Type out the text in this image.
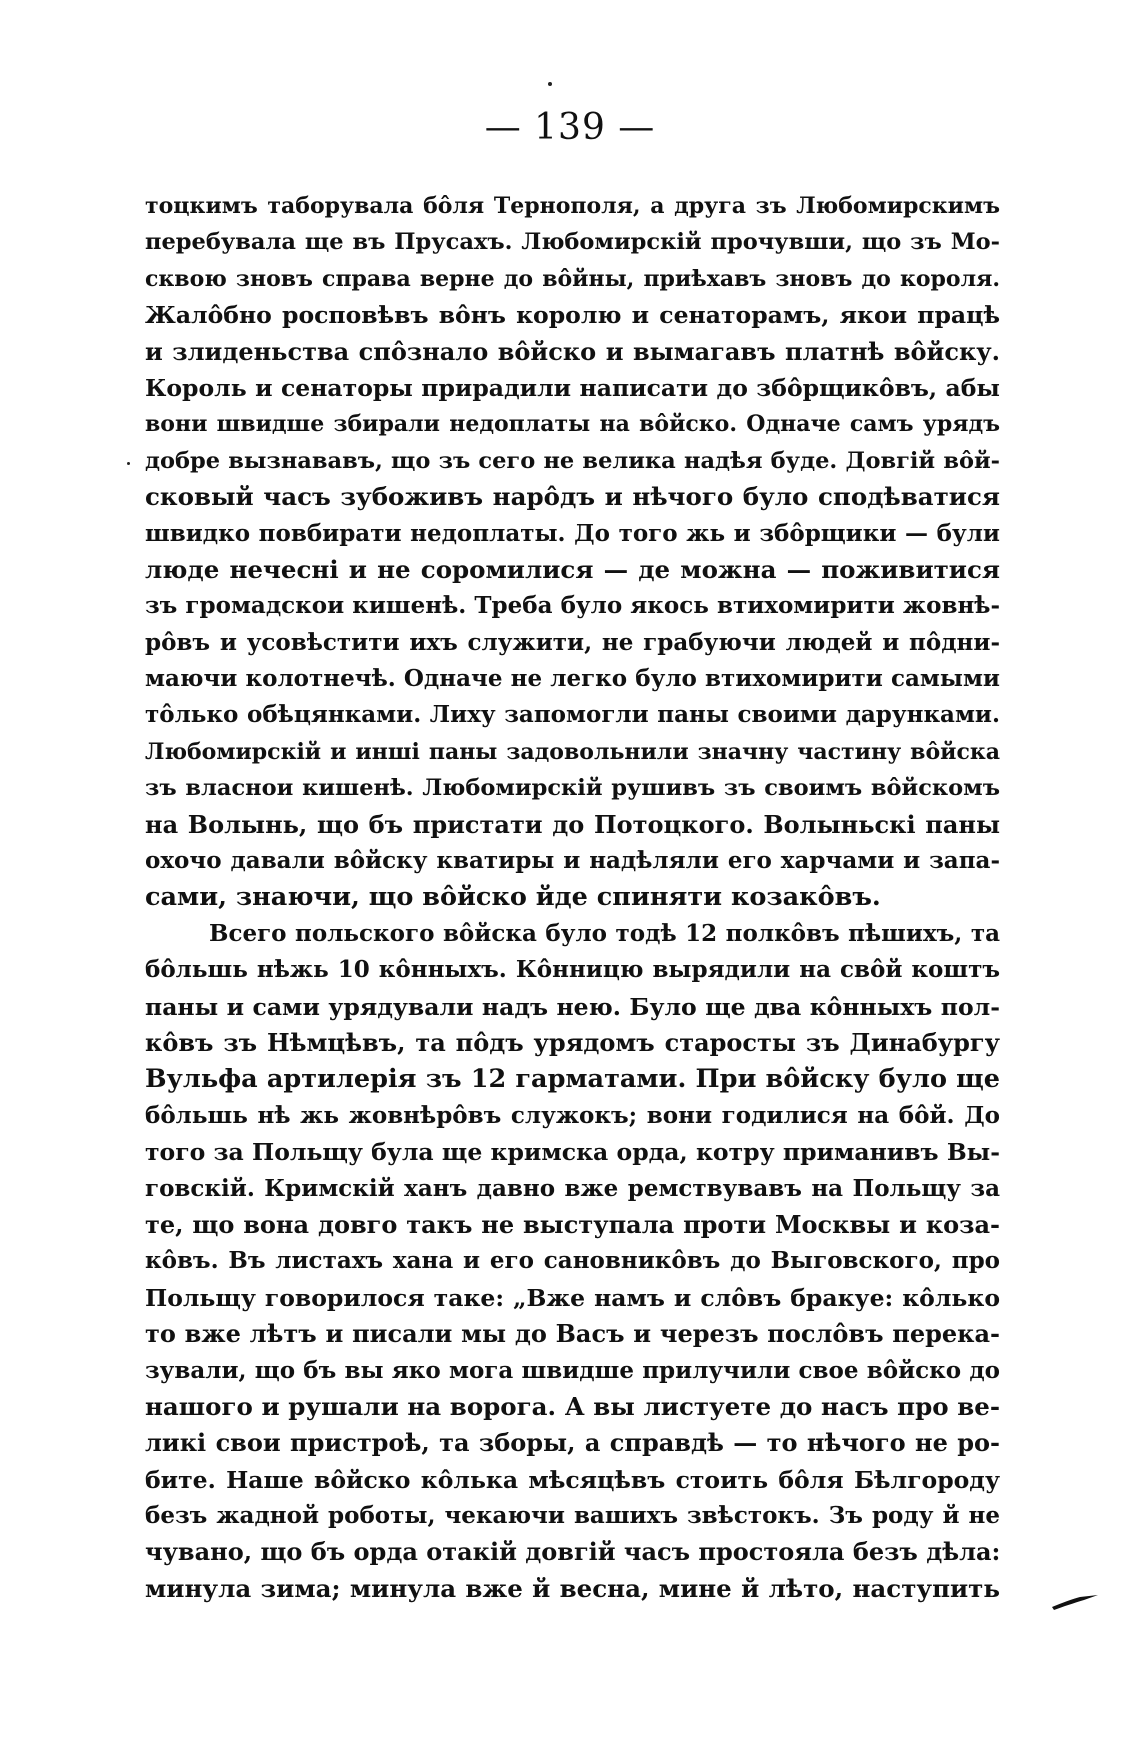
— 139 —
тоцкимъ таборувала бôля Тернополя, а друга зъ Любомирскимъ
перебувала ще въ Прусахъ. Любомирскій прочувши, що зъ Мо-
сквою зновъ справа верне до вôйны, приѣхавъ зновъ до короля.
Жалôбно росповѣвъ вôнъ королю и сенаторамъ, якои працѣ
и злиденьства спôзнало вôйско и вымагавъ платнѣ вôйску.
Король и сенаторы прирадили написати до збôрщикôвъ, абы
вони швидше збирали недоплаты на вôйско. Одначе самъ урядъ
добре вызнававъ, що зъ сего не велика надѣя буде. Довгій вôй-
сковый часъ зубоживъ нарôдъ и нѣчого було сподѣватися
швидко повбирати недоплаты. До того жь и збôрщики — були
люде нечесні и не соромилися — де можна — поживитися
зъ громадскои кишенѣ. Треба було якось втихомирити жовнѣ-
рôвъ и усовѣстити ихъ служити, не грабуючи людей и пôдни-
маючи колотнечѣ. Одначе не легко було втихомирити самыми
тôлько обѣцянками. Лиху запомогли паны своими дарунками.
Любомирскій и инші паны задовольнили значну частину вôйска
зъ власнои кишенѣ. Любомирскій рушивъ зъ своимъ вôйскомъ
на Волынь, що бъ пристати до Потоцкого. Волыньскі паны
охочо давали вôйску кватиры и надѣляли его харчами и запа-
сами, знаючи, що вôйско йде спиняти козакôвъ.
Всего польского вôйска було тодѣ 12 полкôвъ пѣшихъ, та
бôльшь нѣжь 10 кôнныхъ. Кôнницю вырядили на свôй коштъ
паны и сами урядували надъ нею. Було ще два кôнныхъ пол-
кôвъ зъ Нѣмцѣвъ, та пôдъ урядомъ старосты зъ Динабургу
Вульфа артилерія зъ 12 гарматами. При вôйску було ще
бôльшь нѣ жь жовнѣрôвъ служокъ; вони годилися на бôй. До
того за Польщу була ще кримска орда, котру приманивъ Вы-
говскій. Кримскій ханъ давно вже ремствувавъ на Польщу за
те, що вона довго такъ не выступала проти Москвы и коза-
кôвъ. Въ листахъ хана и его сановникôвъ до Выговского, про
Польщу говорилося таке: „Вже намъ и слôвъ бракуе: кôлько
то вже лѣтъ и писали мы до Васъ и черезъ послôвъ перека-
зували, що бъ вы яко мога швидше прилучили свое вôйско до
нашого и рушали на ворога. А вы листуете до насъ про ве-
ликі свои пристроѣ, та зборы, а справдѣ — то нѣчого не ро-
бите. Наше вôйско кôлька мѣсяцѣвъ стоить бôля Бѣлгороду
безъ жадной роботы, чекаючи вашихъ звѣстокъ. Зъ роду й не
чувано, що бъ орда отакій довгій часъ простояла безъ дѣла:
минула зима; минула вже й весна, мине й лѣто, наступить
